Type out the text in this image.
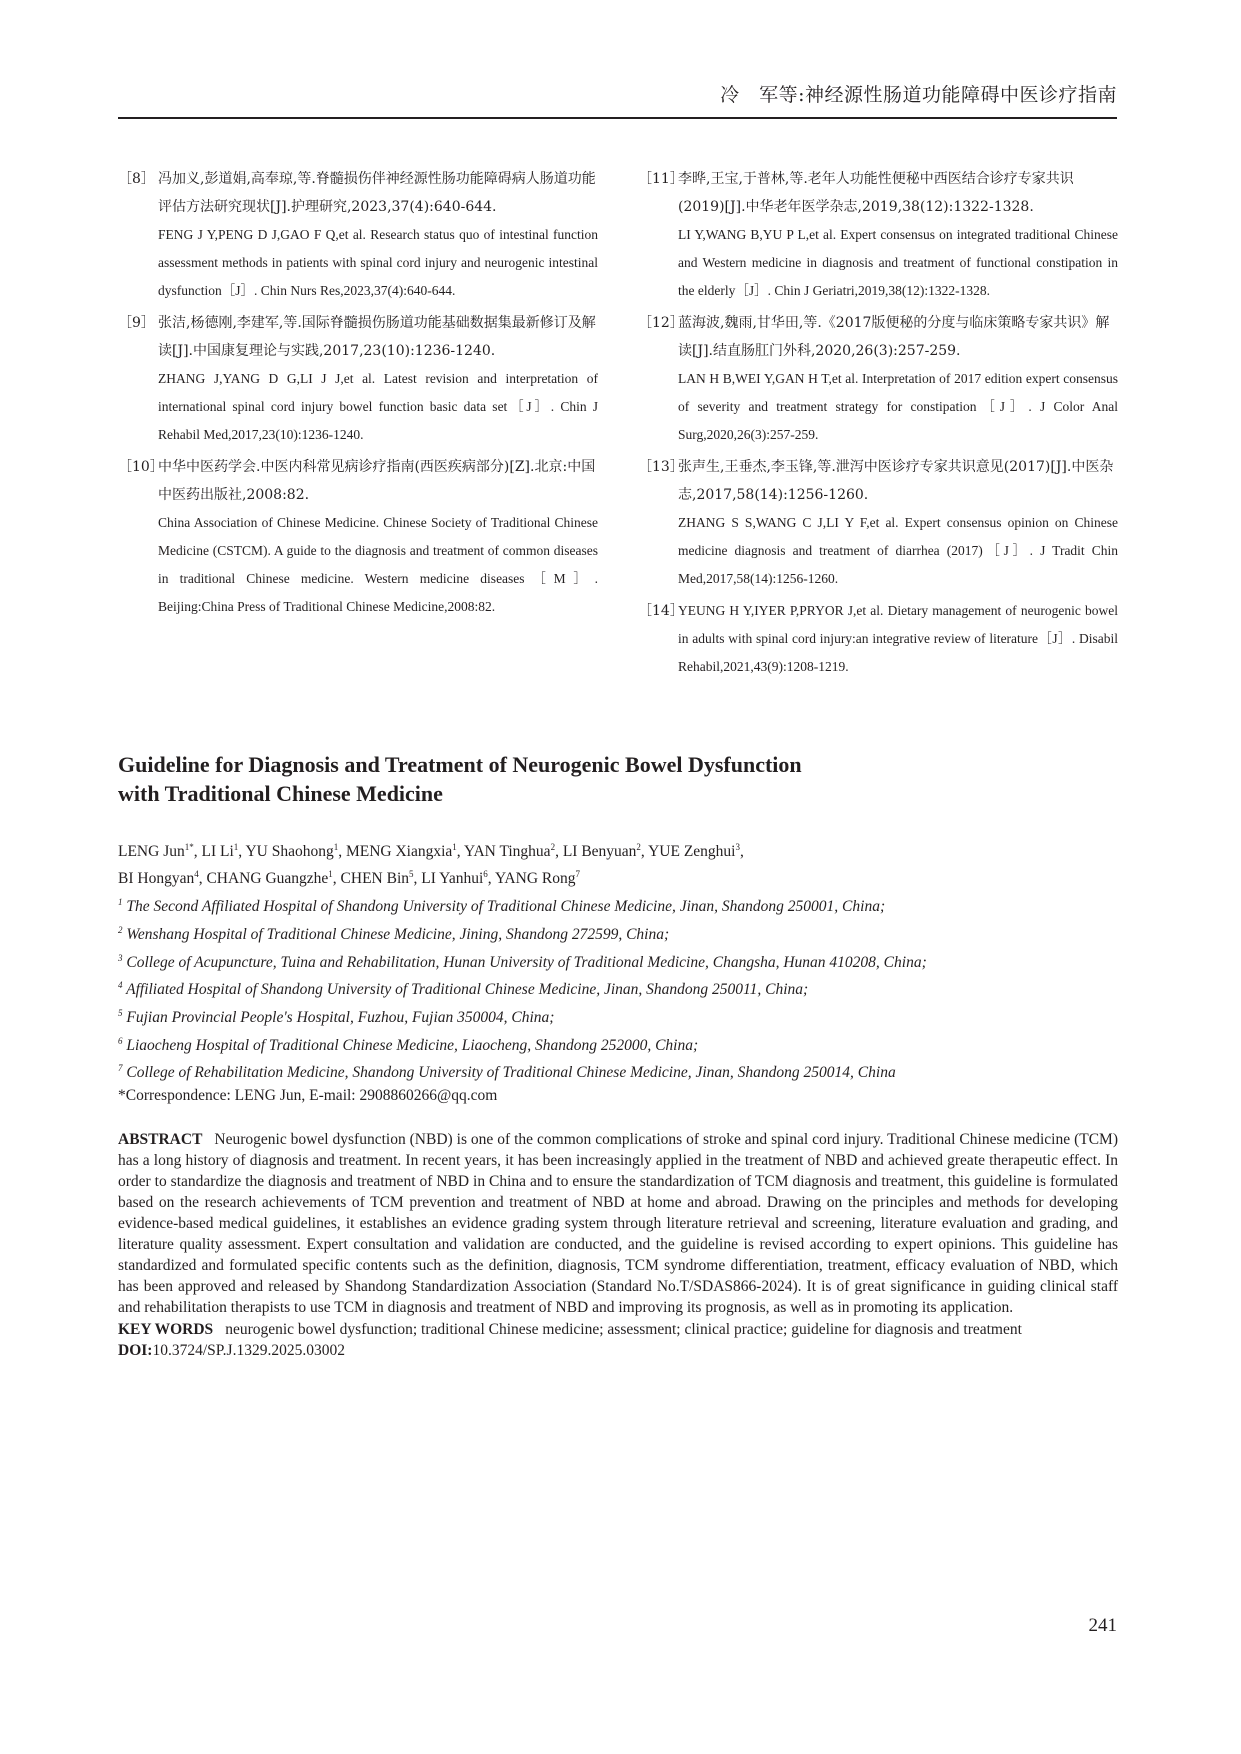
冷　军等:神经源性肠道功能障碍中医诊疗指南
［8］ 冯加义,彭道娟,高奉琼,等.脊髓损伤伴神经源性肠功能障碍病人肠道功能评估方法研究现状[J].护理研究,2023,37(4):640-644.

FENG J Y,PENG D J,GAO F Q,et al. Research status quo of intestinal function assessment methods in patients with spinal cord injury and neurogenic intestinal dysfunction［J］. Chin Nurs Res,2023,37(4):640-644.

［9］ 张洁,杨德刚,李建军,等.国际脊髓损伤肠道功能基础数据集最新修订及解读[J].中国康复理论与实践,2017,23(10):1236-1240.

ZHANG J,YANG D G,LI J J,et al. Latest revision and interpretation of international spinal cord injury bowel function basic data set［J］. Chin J Rehabil Med,2017,23(10):1236-1240.

［10］

中华中医药学会.中医内科常见病诊疗指南(西医疾病部分)[Z].北京:中国中医药出版社,2008:82.

China Association of Chinese Medicine. Chinese Society of Traditional Chinese Medicine (CSTCM). A guide to the diagnosis and treatment of common diseases in traditional Chinese medicine. Western medicine diseases［M］. Beijing:China Press of Traditional Chinese Medicine,2008:82.

［11］

李晔,王宝,于普林,等.老年人功能性便秘中西医结合诊疗专家共识(2019)[J].中华老年医学杂志,2019,38(12):1322-1328.

LI Y,WANG B,YU P L,et al. Expert consensus on integrated traditional Chinese and Western medicine in diagnosis and treatment of functional constipation in the elderly［J］. Chin J Geriatri,2019,38(12):1322-1328.

［12］

蓝海波,魏雨,甘华田,等.《2017版便秘的分度与临床策略专家共识》解读[J].结直肠肛门外科,2020,26(3):257-259.

LAN H B,WEI Y,GAN H T,et al. Interpretation of 2017 edition expert consensus of severity and treatment strategy for constipation［J］. J Color Anal Surg,2020,26(3):257-259.

［13］

张声生,王垂杰,李玉锋,等.泄泻中医诊疗专家共识意见(2017)[J].中医杂志,2017,58(14):1256-1260.

ZHANG S S,WANG C J,LI Y F,et al. Expert consensus opinion on Chinese medicine diagnosis and treatment of diarrhea (2017)［J］. J Tradit Chin Med,2017,58(14):1256-1260.

［14］

YEUNG H Y,IYER P,PRYOR J,et al. Dietary management of neurogenic bowel in adults with spinal cord injury:an integrative review of literature［J］. Disabil Rehabil,2021,43(9):1208-1219.

Guideline for Diagnosis and Treatment of Neurogenic Bowel Dysfunction
with Traditional Chinese Medicine
LENG Jun$^{1*}$, LI Li$^1$, YU Shaohong$^1$, MENG Xiangxia$^1$, YAN Tinghua$^2$, LI Benyuan$^2$, YUE Zenghui$^3$,
BI Hongyan$^4$, CHANG Guangzhe$^1$, CHEN Bin$^5$, LI Yanhui$^6$, YANG Rong$^7$
$^1$ The Second Affiliated Hospital of Shandong University of Traditional Chinese Medicine, Jinan, Shandong 250001, China;
$^2$ Wenshang Hospital of Traditional Chinese Medicine, Jining, Shandong 272599, China;
$^3$ College of Acupuncture, Tuina and Rehabilitation, Hunan University of Traditional Medicine, Changsha, Hunan 410208, China;
$^4$ Affiliated Hospital of Shandong University of Traditional Chinese Medicine, Jinan, Shandong 250011, China;
$^5$ Fujian Provincial People's Hospital, Fuzhou, Fujian 350004, China;
$^6$ Liaocheng Hospital of Traditional Chinese Medicine, Liaocheng, Shandong 252000, China;
$^7$ College of Rehabilitation Medicine, Shandong University of Traditional Chinese Medicine, Jinan, Shandong 250014, China
*Correspondence: LENG Jun, E-mail: 2908860266@qq.com
ABSTRACT Neurogenic bowel dysfunction (NBD) is one of the common complications of stroke and spinal cord injury. Traditional Chinese medicine (TCM) has a long history of diagnosis and treatment. In recent years, it has been increasingly applied in the treatment of NBD and achieved greate therapeutic effect. In order to standardize the diagnosis and treatment of NBD in China and to ensure the standardization of TCM diagnosis and treatment, this guideline is formulated based on the research achievements of TCM prevention and treatment of NBD at home and abroad. Drawing on the principles and methods for developing evidence-based medical guidelines, it establishes an evidence grading system through literature retrieval and screening, literature evaluation and grading, and literature quality assessment. Expert consultation and validation are conducted, and the guideline is revised according to expert opinions. This guideline has standardized and formulated specific contents such as the definition, diagnosis, TCM syndrome differentiation, treatment, efficacy evaluation of NBD, which has been approved and released by Shandong Standardization Association (Standard No.T/SDAS866-2024). It is of great significance in guiding clinical staff and rehabilitation therapists to use TCM in diagnosis and treatment of NBD and improving its prognosis, as well as in promoting its application.
KEY WORDS neurogenic bowel dysfunction; traditional Chinese medicine; assessment; clinical practice; guideline for diagnosis and treatment
DOI:10.3724/SP.J.1329.2025.03002
241
